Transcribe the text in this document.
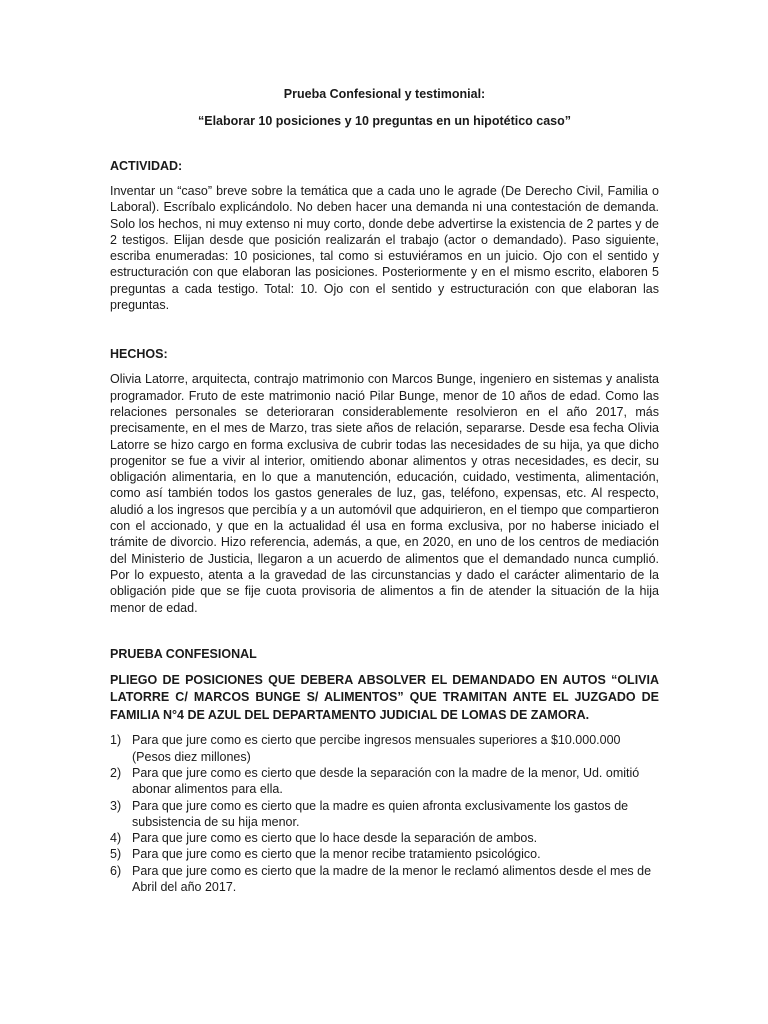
Prueba Confesional y testimonial:

“Elaborar 10 posiciones y 10 preguntas en un hipotético caso”

ACTIVIDAD:

Inventar un “caso” breve sobre la temática que a cada uno le agrade (De Derecho Civil, Familia o Laboral). Escríbalo explicándolo. No deben hacer una demanda ni una contestación de demanda. Solo los hechos, ni muy extenso ni muy corto, donde debe advertirse la existencia de 2 partes y de 2 testigos. Elijan desde que posición realizarán el trabajo (actor o demandado). Paso siguiente, escriba enumeradas: 10 posiciones, tal como si estuviéramos en un juicio. Ojo con el sentido y estructuración con que elaboran las posiciones. Posteriormente y en el mismo escrito, elaboren 5 preguntas a cada testigo. Total: 10. Ojo con el sentido y estructuración con que elaboran las preguntas.

HECHOS:

Olivia Latorre, arquitecta, contrajo matrimonio con Marcos Bunge, ingeniero en sistemas y analista programador. Fruto de este matrimonio nació Pilar Bunge, menor de 10 años de edad. Como las relaciones personales se deterioraran considerablemente resolvieron en el año 2017, más precisamente, en el mes de Marzo, tras siete años de relación, separarse. Desde esa fecha Olivia Latorre se hizo cargo en forma exclusiva de cubrir todas las necesidades de su hija, ya que dicho progenitor se fue a vivir al interior, omitiendo abonar alimentos y otras necesidades, es decir, su obligación alimentaria, en lo que a manutención, educación, cuidado, vestimenta, alimentación, como así también todos los gastos generales de luz, gas, teléfono, expensas, etc. Al respecto, aludió a los ingresos que percibía y a un automóvil que adquirieron, en el tiempo que compartieron con el accionado, y que en la actualidad él usa en forma exclusiva, por no haberse iniciado el trámite de divorcio. Hizo referencia, además, a que, en 2020, en uno de los centros de mediación del Ministerio de Justicia, llegaron a un acuerdo de alimentos que el demandado nunca cumplió. Por lo expuesto, atenta a la gravedad de las circunstancias y dado el carácter alimentario de la obligación pide que se fije cuota provisoria de alimentos a fin de atender la situación de la hija menor de edad.

PRUEBA CONFESIONAL

PLIEGO DE POSICIONES QUE DEBERA ABSOLVER EL DEMANDADO EN AUTOS “OLIVIA LATORRE C/ MARCOS BUNGE S/ ALIMENTOS” QUE TRAMITAN ANTE EL JUZGADO DE FAMILIA N°4 DE AZUL DEL DEPARTAMENTO JUDICIAL DE LOMAS DE ZAMORA.

1) Para que jure como es cierto que percibe ingresos mensuales superiores a $10.000.000 (Pesos diez millones)
2) Para que jure como es cierto que desde la separación con la madre de la menor, Ud. omitió abonar alimentos para ella.
3) Para que jure como es cierto que la madre es quien afronta exclusivamente los gastos de subsistencia de su hija menor.
4) Para que jure como es cierto que lo hace desde la separación de ambos.
5) Para que jure como es cierto que la menor recibe tratamiento psicológico.
6) Para que jure como es cierto que la madre de la menor le reclamó alimentos desde el mes de Abril del año 2017.
